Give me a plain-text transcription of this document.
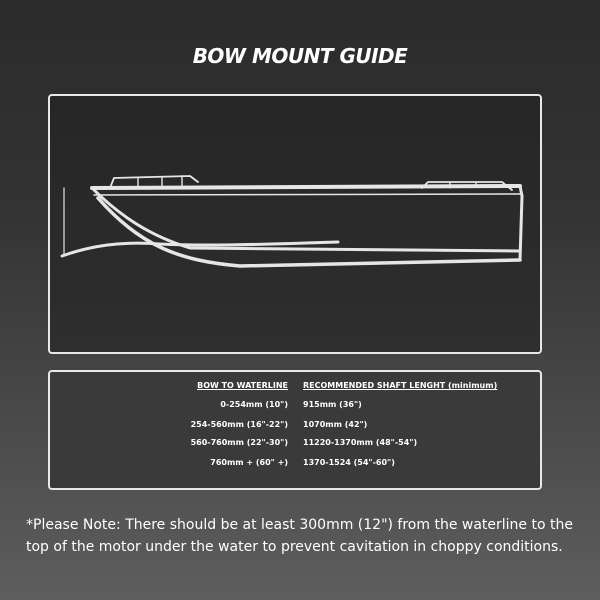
BOW MOUNT GUIDE
BOW TO WATERLINE RECOMMENDED SHAFT LENGHT (minimum)
0-254mm (10") 915mm (36")
254-560mm (16"-22") 1070mm (42")
560-760mm (22"-30") 11220-1370mm (48"-54")
760mm + (60" +) 1370-1524 (54"-60")
*Please Note: There should be at least 300mm (12") from the waterline to the top of the motor under the water to prevent cavitation in choppy conditions.
